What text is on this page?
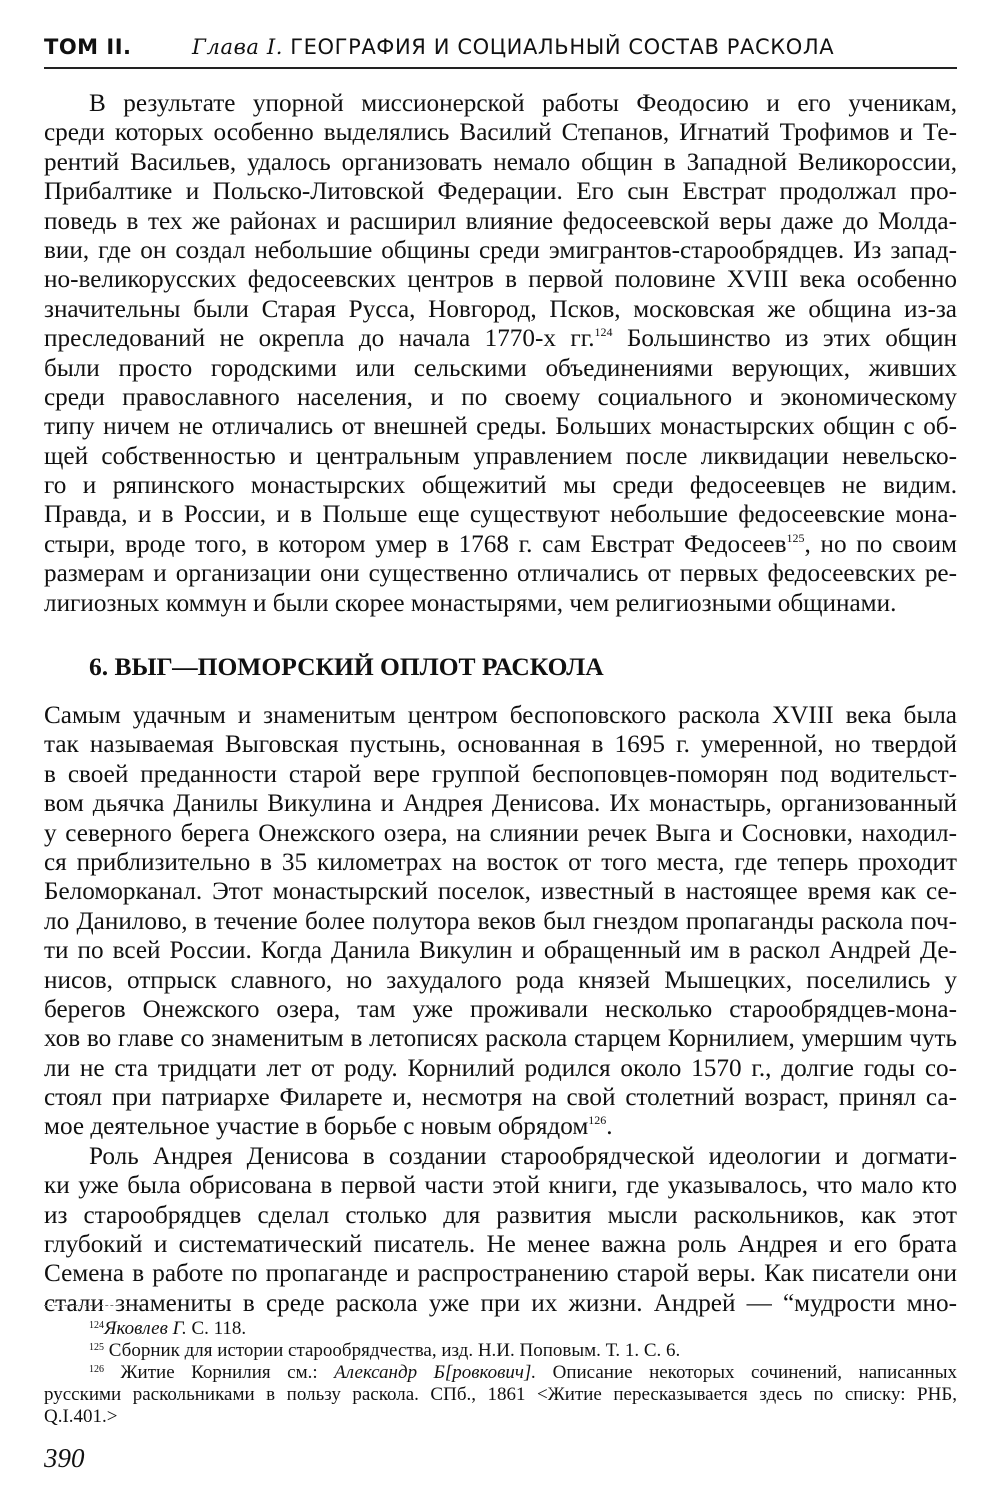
ТОМ II.	Глава I. ГЕОГРАФИЯ И СОЦИАЛЬНЫЙ СОСТАВ РАСКОЛА
В результате упорной миссионерской работы Феодосию и его ученикам,
среди которых особенно выделялись Василий Степанов, Игнатий Трофимов и Те-
рентий Васильев, удалось организовать немало общин в Западной Великороссии,
Прибалтике и Польско-Литовской Федерации. Его сын Евстрат продолжал про-
поведь в тех же районах и расширил влияние федосеевской веры даже до Молда-
вии, где он создал небольшие общины среди эмигрантов-старообрядцев. Из запад-
но-великорусских федосеевских центров в первой половине XVIII века особенно
значительны были Старая Русса, Новгород, Псков, московская же община из-за
преследований не окрепла до начала 1770-х гг.$^{124}$ Большинство из этих общин
были просто городскими или сельскими объединениями верующих, живших
среди православного населения, и по своему социального и экономическому
типу ничем не отличались от внешней среды. Больших монастырских общин с об-
щей собственностью и центральным управлением после ликвидации невельско-
го и ряпинского монастырских общежитий мы среди федосеевцев не видим.
Правда, и в России, и в Польше еще существуют небольшие федосеевские мона-
стыри, вроде того, в котором умер в 1768 г. сам Евстрат Федосеев$^{125}$, но по своим
размерам и организации они существенно отличались от первых федосеевских ре-
лигиозных коммун и были скорее монастырями, чем религиозными общинами.
6. ВЫГ—ПОМОРСКИЙ ОПЛОТ РАСКОЛА
Самым удачным и знаменитым центром беспоповского раскола XVIII века была
так называемая Выговская пустынь, основанная в 1695 г. умеренной, но твердой
в своей преданности старой вере группой беспоповцев-поморян под водительст-
вом дьячка Данилы Викулина и Андрея Денисова. Их монастырь, организованный
у северного берега Онежского озера, на слиянии речек Выга и Сосновки, находил-
ся приблизительно в 35 километрах на восток от того места, где теперь проходит
Беломорканал. Этот монастырский поселок, известный в настоящее время как се-
ло Данилово, в течение более полутора веков был гнездом пропаганды раскола поч-
ти по всей России. Когда Данила Викулин и обращенный им в раскол Андрей Де-
нисов, отпрыск славного, но захудалого рода князей Мышецких, поселились у
берегов Онежского озера, там уже проживали несколько старообрядцев-монa-
хов во главе со знаменитым в летописях раскола старцем Корнилием, умершим чуть
ли не ста тридцати лет от роду. Корнилий родился около 1570 г., долгие годы со-
стоял при патриархе Филарете и, несмотря на свой столетний возраст, принял са-
мое деятельное участие в борьбе с новым обрядом$^{126}$.
Роль Андрея Денисова в создании старообрядческой идеологии и догмати-
ки уже была обрисована в первой части этой книги, где указывалось, что мало кто
из старообрядцев сделал столько для развития мысли раскольников, как этот
глубокий и систематический писатель. Не менее важна роль Андрея и его брата
Семена в работе по пропаганде и распространению старой веры. Как писатели они
стали знамениты в среде раскола уже при их жизни. Андрей — “мудрости мно-
$^{124}$Яковлев Г. С. 118.
$^{125}$ Сборник для истории старообрядчества, изд. Н.И. Поповым. Т. 1. С. 6.
$^{126}$ Житие Корнилия см.: Александр Б[ровкович]. Описание некоторых сочинений, написанных
русскими раскольниками в пользу раскола. СПб., 1861 <Житие пересказывается здесь по списку: РНБ,
Q.I.401.>
390
